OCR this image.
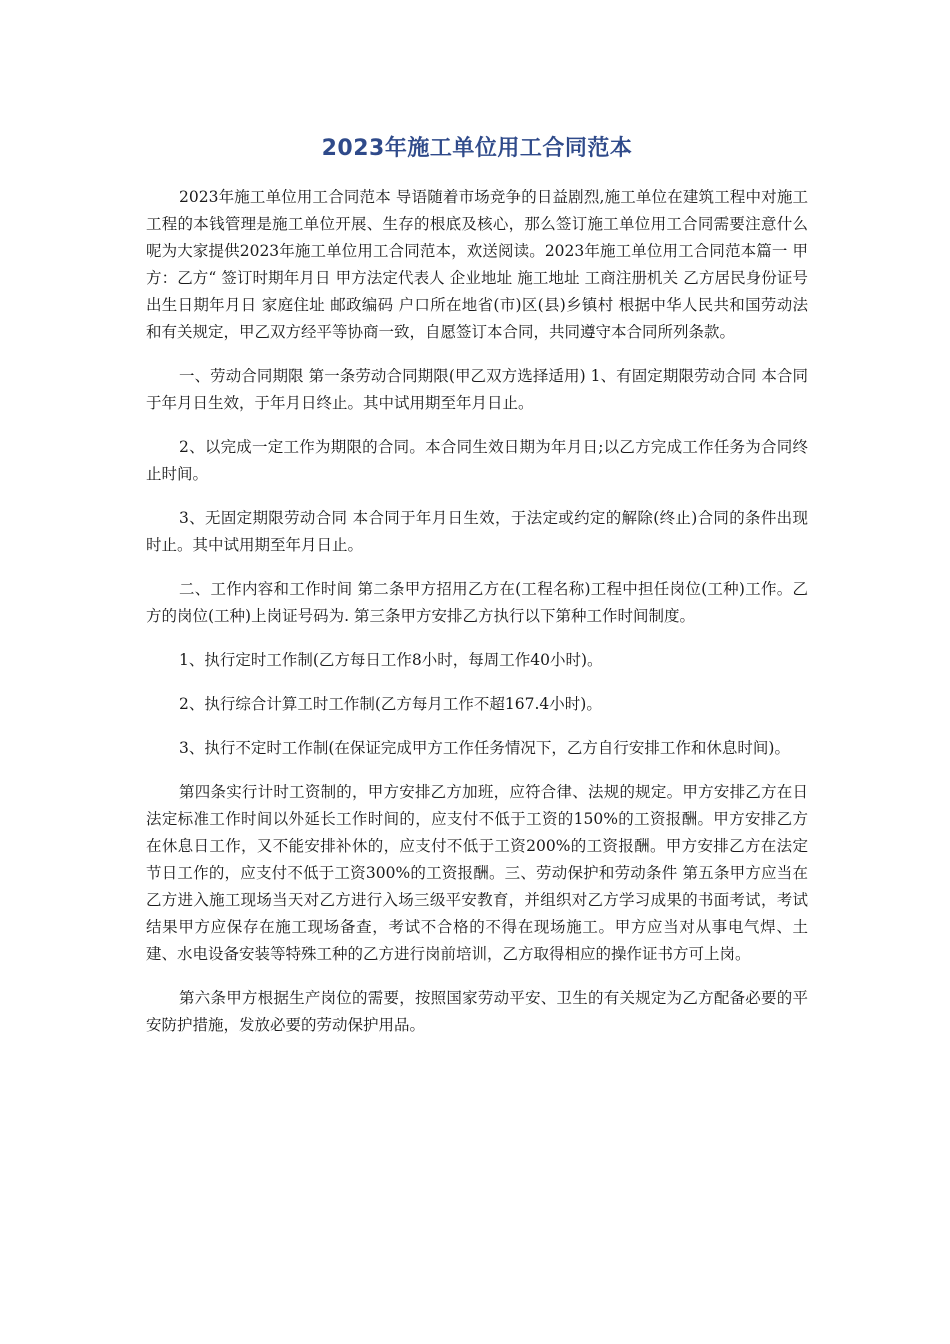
2023年施工单位用工合同范本

2023年施工单位用工合同范本 导语随着市场竞争的日益剧烈,施工单位在建筑工程中对施工工程的本钱管理是施工单位开展、生存的根底及核心，那么签订施工单位用工合同需要注意什么呢为大家提供2023年施工单位用工合同范本，欢送阅读。2023年施工单位用工合同范本篇一 甲方：乙方“ 签订时期年月日 甲方法定代表人 企业地址 施工地址 工商注册机关 乙方居民身份证号 出生日期年月日 家庭住址 邮政编码 户口所在地省(市)区(县)乡镇村 根据中华人民共和国劳动法和有关规定，甲乙双方经平等协商一致，自愿签订本合同，共同遵守本合同所列条款。

一、劳动合同期限 第一条劳动合同期限(甲乙双方选择适用) 1、有固定期限劳动合同 本合同于年月日生效，于年月日终止。其中试用期至年月日止。

2、以完成一定工作为期限的合同。本合同生效日期为年月日;以乙方完成工作任务为合同终止时间。

3、无固定期限劳动合同 本合同于年月日生效，于法定或约定的解除(终止)合同的条件出现时止。其中试用期至年月日止。

二、工作内容和工作时间 第二条甲方招用乙方在(工程名称)工程中担任岗位(工种)工作。乙方的岗位(工种)上岗证号码为. 第三条甲方安排乙方执行以下第种工作时间制度。

1、执行定时工作制(乙方每日工作8小时，每周工作40小时)。

2、执行综合计算工时工作制(乙方每月工作不超167.4小时)。

3、执行不定时工作制(在保证完成甲方工作任务情况下，乙方自行安排工作和休息时间)。

第四条实行计时工资制的，甲方安排乙方加班，应符合律、法规的规定。甲方安排乙方在日法定标准工作时间以外延长工作时间的，应支付不低于工资的150%的工资报酬。甲方安排乙方在休息日工作，又不能安排补休的，应支付不低于工资200%的工资报酬。甲方安排乙方在法定节日工作的，应支付不低于工资300%的工资报酬。三、劳动保护和劳动条件 第五条甲方应当在乙方进入施工现场当天对乙方进行入场三级平安教育，并组织对乙方学习成果的书面考试，考试结果甲方应保存在施工现场备查，考试不合格的不得在现场施工。甲方应当对从事电气焊、土建、水电设备安装等特殊工种的乙方进行岗前培训，乙方取得相应的操作证书方可上岗。

第六条甲方根据生产岗位的需要，按照国家劳动平安、卫生的有关规定为乙方配备必要的平安防护措施，发放必要的劳动保护用品。
